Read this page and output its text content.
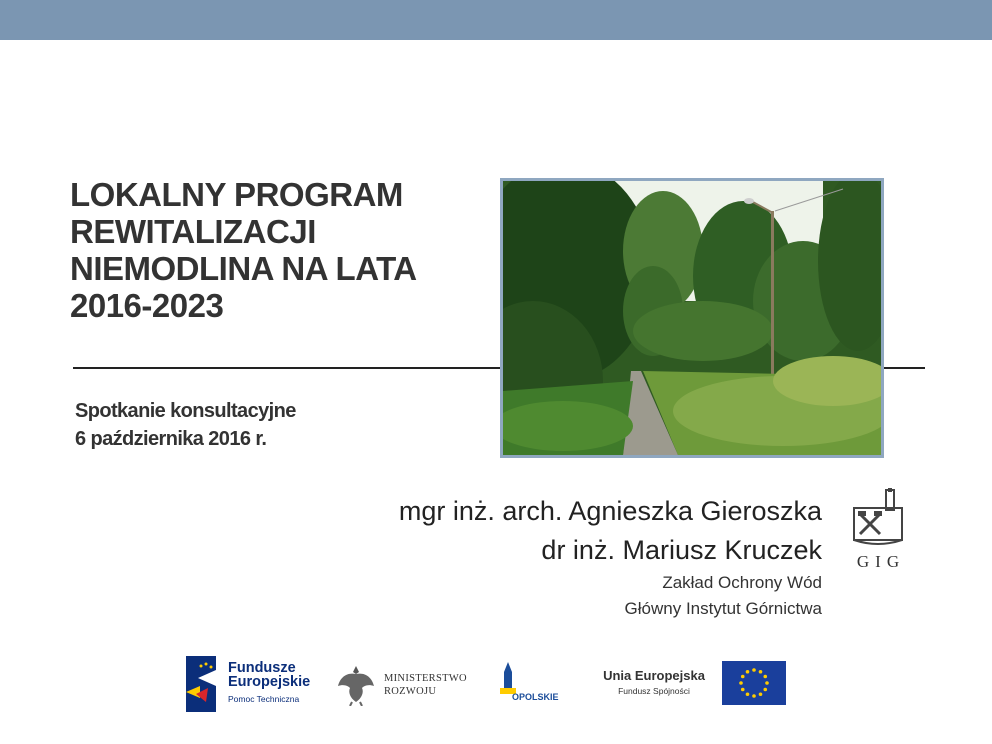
LOKALNY PROGRAM
REWITALIZACJI
NIEMODLINA NA LATA
2016-2023
Spotkanie konsultacyjne
6 października 2016 r.
mgr inż. arch. Agnieszka Gieroszka
dr inż. Mariusz Kruczek
Zakład Ochrony Wód
Główny Instytut Górnictwa
GIG
Fundusze
Europejskie
Pomoc Techniczna
MINISTERSTWO
ROZWOJU	OPOLSKIE
Unia Europejska
Fundusz Spójności
